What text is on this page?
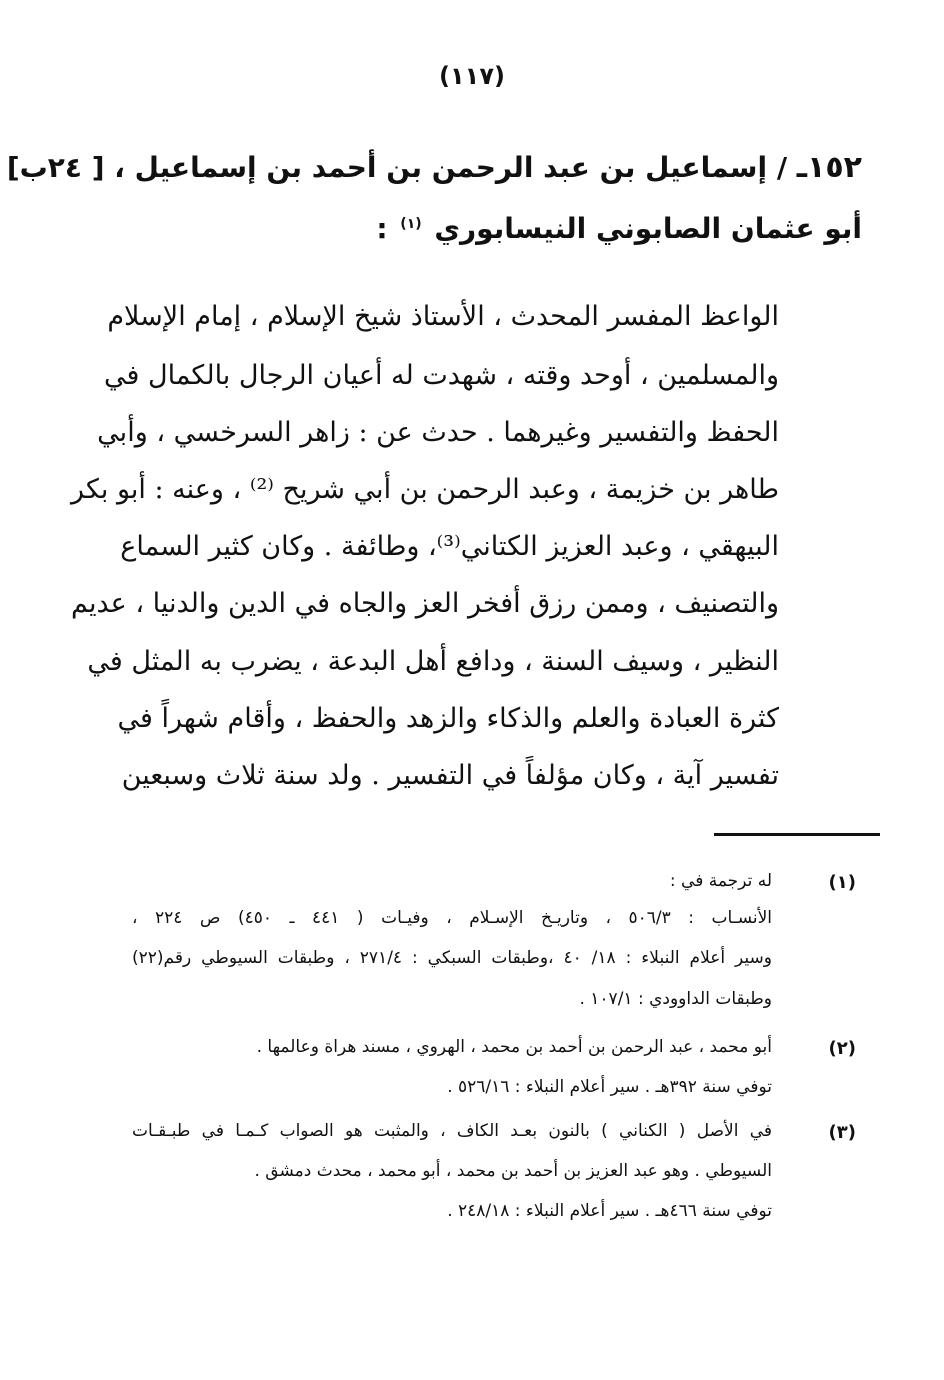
(١١٧)
١٥٢ـ / إسماعيل بن عبد الرحمن بن أحمد بن إسماعيل ، [ ٢٤ب]
أبو عثمان الصابوني النيسابوري $^{(١)}$ :
الواعظ المفسر المحدث ، الأستاذ شيخ الإسلام ، إمام الإسلام
والمسلمين ، أوحد وقته ، شهدت له أعيان الرجال بالكمال في
الحفظ والتفسير وغيرهما . حدث عن : زاهر السرخسي ، وأبي
طاهر بن خزيمة ، وعبد الرحمن بن أبي شريح ⁽²⁾ ، وعنه : أبو بكر
البيهقي ، وعبد العزيز الكتاني⁽³⁾، وطائفة . وكان كثير السماع
والتصنيف ، وممن رزق أفخر العز والجاه في الدين والدنيا ، عديم
النظير ، وسيف السنة ، ودافع أهل البدعة ، يضرب به المثل في
كثرة العبادة والعلم والذكاء والزهد والحفظ ، وأقام شهراً في
تفسير آية ، وكان مؤلفاً في التفسير . ولد سنة ثلاث وسبعين
(١)
له ترجمة في :
الأنسـاب : ٥٠٦/٣ ، وتاريـخ الإسـلام ، وفيـات ( ٤٤١ ـ ٤٥٠) ص ٢٢٤ ،
وسير أعلام النبلاء : ١٨/ ٤٠ ،وطبقات السبكي : ٢٧١/٤ ، وطبقات السيوطي رقم(٢٢)
وطبقات الداوودي : ١٠٧/١ .
(٢)
أبو محمد ، عبد الرحمن بن أحمد بن محمد ، الهروي ، مسند هراة وعالمها .
توفي سنة ٣٩٢هـ . سير أعلام النبلاء : ٥٢٦/١٦ .
(٣)
في الأصل ( الكناني ) بالنون بعـد الكاف ، والمثبت هو الصواب كـمـا في طبـقـات
السيوطي . وهو عبد العزيز بن أحمد بن محمد ، أبو محمد ، محدث دمشق .
توفي سنة ٤٦٦هـ . سير أعلام النبلاء : ٢٤٨/١٨ .
